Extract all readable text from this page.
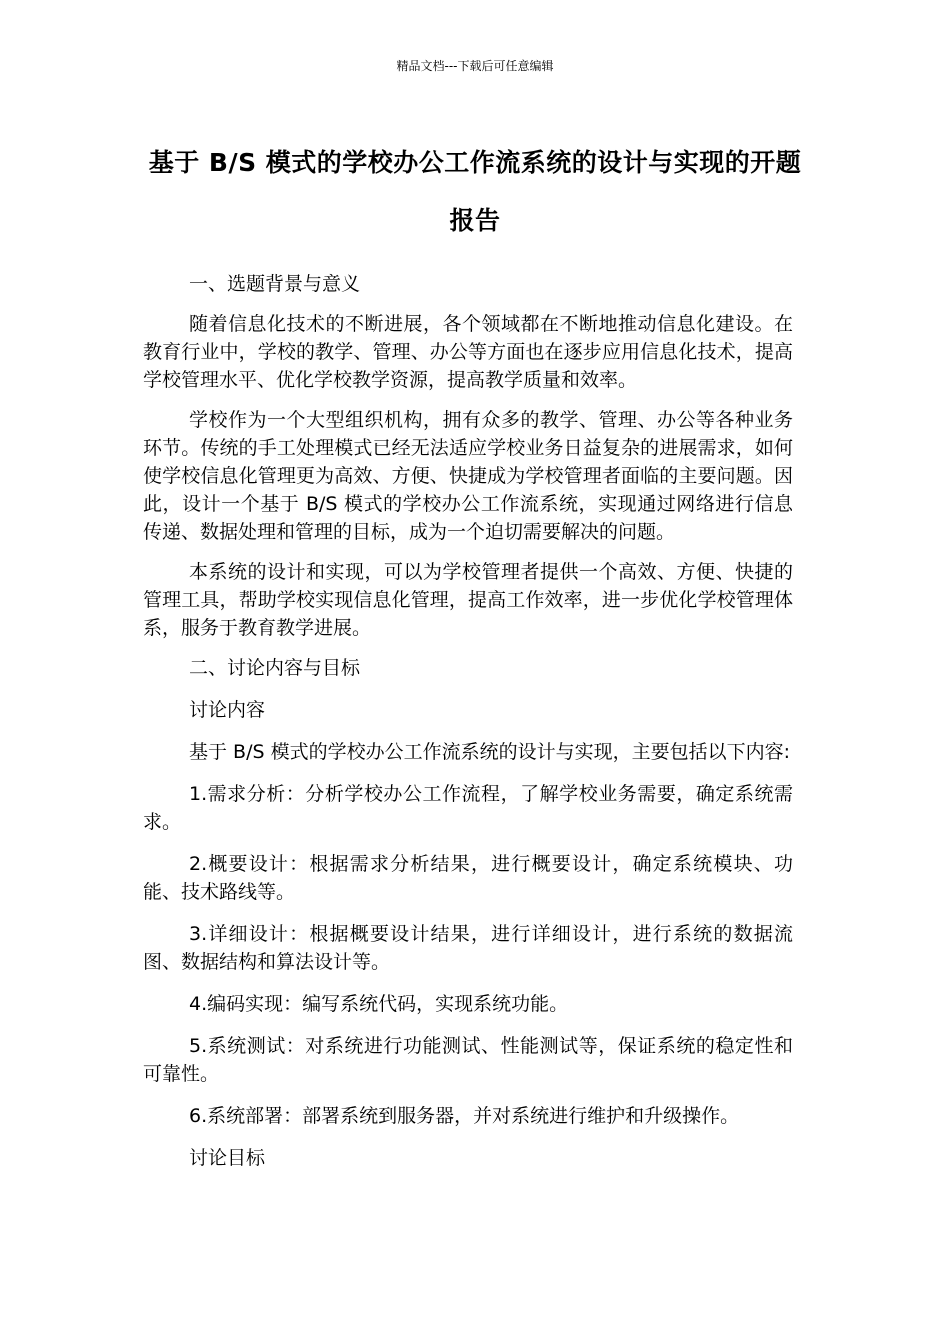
精品文档---下载后可任意编辑
基于 B/S 模式的学校办公工作流系统的设计与实现的开题报告

一、选题背景与意义

随着信息化技术的不断进展，各个领域都在不断地推动信息化建设。在教育行业中，学校的教学、管理、办公等方面也在逐步应用信息化技术，提高学校管理水平、优化学校教学资源，提高教学质量和效率。

学校作为一个大型组织机构，拥有众多的教学、管理、办公等各种业务环节。传统的手工处理模式已经无法适应学校业务日益复杂的进展需求，如何使学校信息化管理更为高效、方便、快捷成为学校管理者面临的主要问题。因此，设计一个基于 B/S 模式的学校办公工作流系统，实现通过网络进行信息传递、数据处理和管理的目标，成为一个迫切需要解决的问题。

本系统的设计和实现，可以为学校管理者提供一个高效、方便、快捷的管理工具，帮助学校实现信息化管理，提高工作效率，进一步优化学校管理体系，服务于教育教学进展。

二、讨论内容与目标

讨论内容

基于 B/S 模式的学校办公工作流系统的设计与实现，主要包括以下内容:

1.需求分析：分析学校办公工作流程，了解学校业务需要，确定系统需求。

2.概要设计：根据需求分析结果，进行概要设计，确定系统模块、功能、技术路线等。

3.详细设计：根据概要设计结果，进行详细设计，进行系统的数据流图、数据结构和算法设计等。

4.编码实现：编写系统代码，实现系统功能。

5.系统测试：对系统进行功能测试、性能测试等，保证系统的稳定性和可靠性。

6.系统部署：部署系统到服务器，并对系统进行维护和升级操作。

讨论目标
